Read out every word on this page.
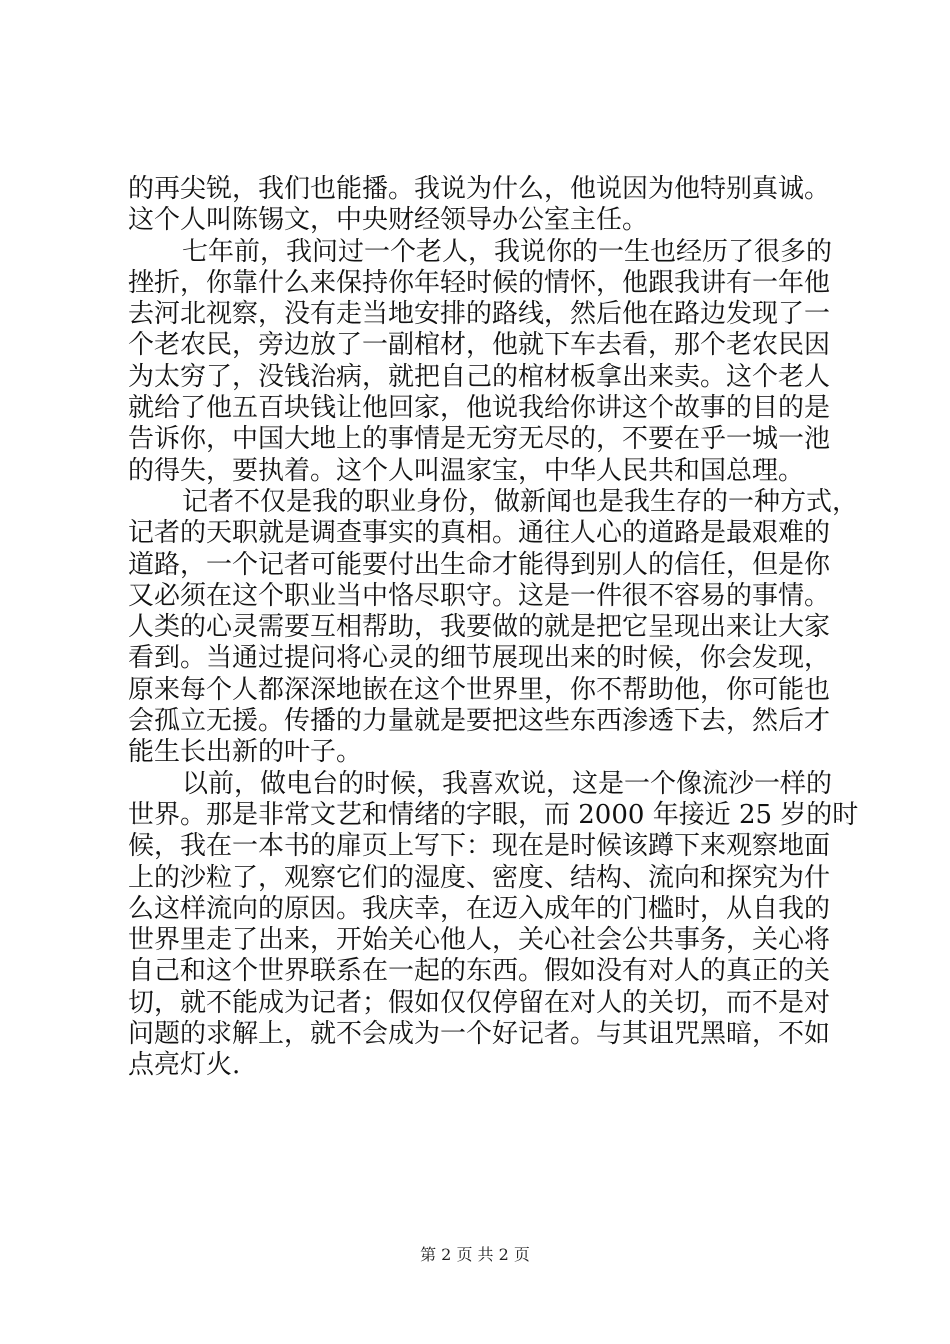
的再尖锐，我们也能播。我说为什么，他说因为他特别真诚。
这个人叫陈锡文，中央财经领导办公室主任。
七年前，我问过一个老人，我说你的一生也经历了很多的
挫折，你靠什么来保持你年轻时候的情怀，他跟我讲有一年他
去河北视察，没有走当地安排的路线，然后他在路边发现了一
个老农民，旁边放了一副棺材，他就下车去看，那个老农民因
为太穷了，没钱治病，就把自己的棺材板拿出来卖。这个老人
就给了他五百块钱让他回家，他说我给你讲这个故事的目的是
告诉你，中国大地上的事情是无穷无尽的，不要在乎一城一池
的得失，要执着。这个人叫温家宝，中华人民共和国总理。
记者不仅是我的职业身份，做新闻也是我生存的一种方式，
记者的天职就是调查事实的真相。通往人心的道路是最艰难的
道路，一个记者可能要付出生命才能得到别人的信任，但是你
又必须在这个职业当中恪尽职守。这是一件很不容易的事情。
人类的心灵需要互相帮助，我要做的就是把它呈现出来让大家
看到。当通过提问将心灵的细节展现出来的时候，你会发现，
原来每个人都深深地嵌在这个世界里，你不帮助他，你可能也
会孤立无援。传播的力量就是要把这些东西渗透下去，然后才
能生长出新的叶子。
以前，做电台的时候，我喜欢说，这是一个像流沙一样的
世界。那是非常文艺和情绪的字眼，而 2000 年接近 25 岁的时
候，我在一本书的扉页上写下：现在是时候该蹲下来观察地面
上的沙粒了，观察它们的湿度、密度、结构、流向和探究为什
么这样流向的原因。我庆幸，在迈入成年的门槛时，从自我的
世界里走了出来，开始关心他人，关心社会公共事务，关心将
自己和这个世界联系在一起的东西。假如没有对人的真正的关
切，就不能成为记者；假如仅仅停留在对人的关切，而不是对
问题的求解上，就不会成为一个好记者。与其诅咒黑暗，不如
点亮灯火.
第 2 页 共 2 页
